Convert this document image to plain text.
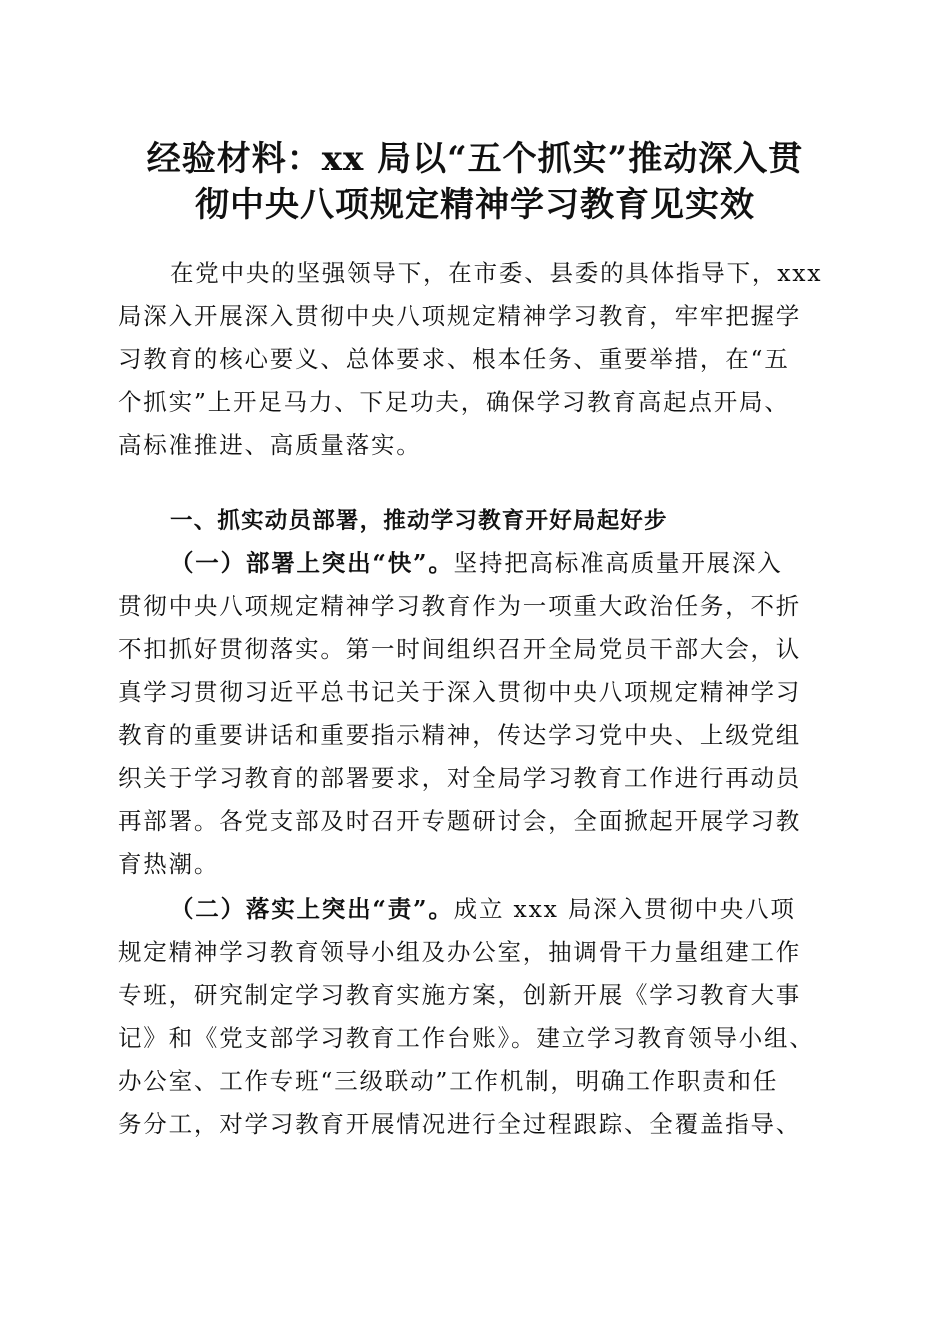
经验材料：xx 局以“五个抓实”推动深入贯
彻中央八项规定精神学习教育见实效
在党中央的坚强领导下，在市委、县委的具体指导下，xxx
局深入开展深入贯彻中央八项规定精神学习教育，牢牢把握学
习教育的核心要义、总体要求、根本任务、重要举措，在“五
个抓实”上开足马力、下足功夫，确保学习教育高起点开局、
高标准推进、高质量落实。
一、抓实动员部署，推动学习教育开好局起好步
（一）部署上突出“快”。坚持把高标准高质量开展深入
贯彻中央八项规定精神学习教育作为一项重大政治任务，不折
不扣抓好贯彻落实。第一时间组织召开全局党员干部大会，认
真学习贯彻习近平总书记关于深入贯彻中央八项规定精神学习
教育的重要讲话和重要指示精神，传达学习党中央、上级党组
织关于学习教育的部署要求，对全局学习教育工作进行再动员
再部署。各党支部及时召开专题研讨会，全面掀起开展学习教
育热潮。
（二）落实上突出“责”。成立 xxx 局深入贯彻中央八项
规定精神学习教育领导小组及办公室，抽调骨干力量组建工作
专班，研究制定学习教育实施方案，创新开展《学习教育大事
记》和《党支部学习教育工作台账》。建立学习教育领导小组、
办公室、工作专班“三级联动”工作机制，明确工作职责和任
务分工，对学习教育开展情况进行全过程跟踪、全覆盖指导、
